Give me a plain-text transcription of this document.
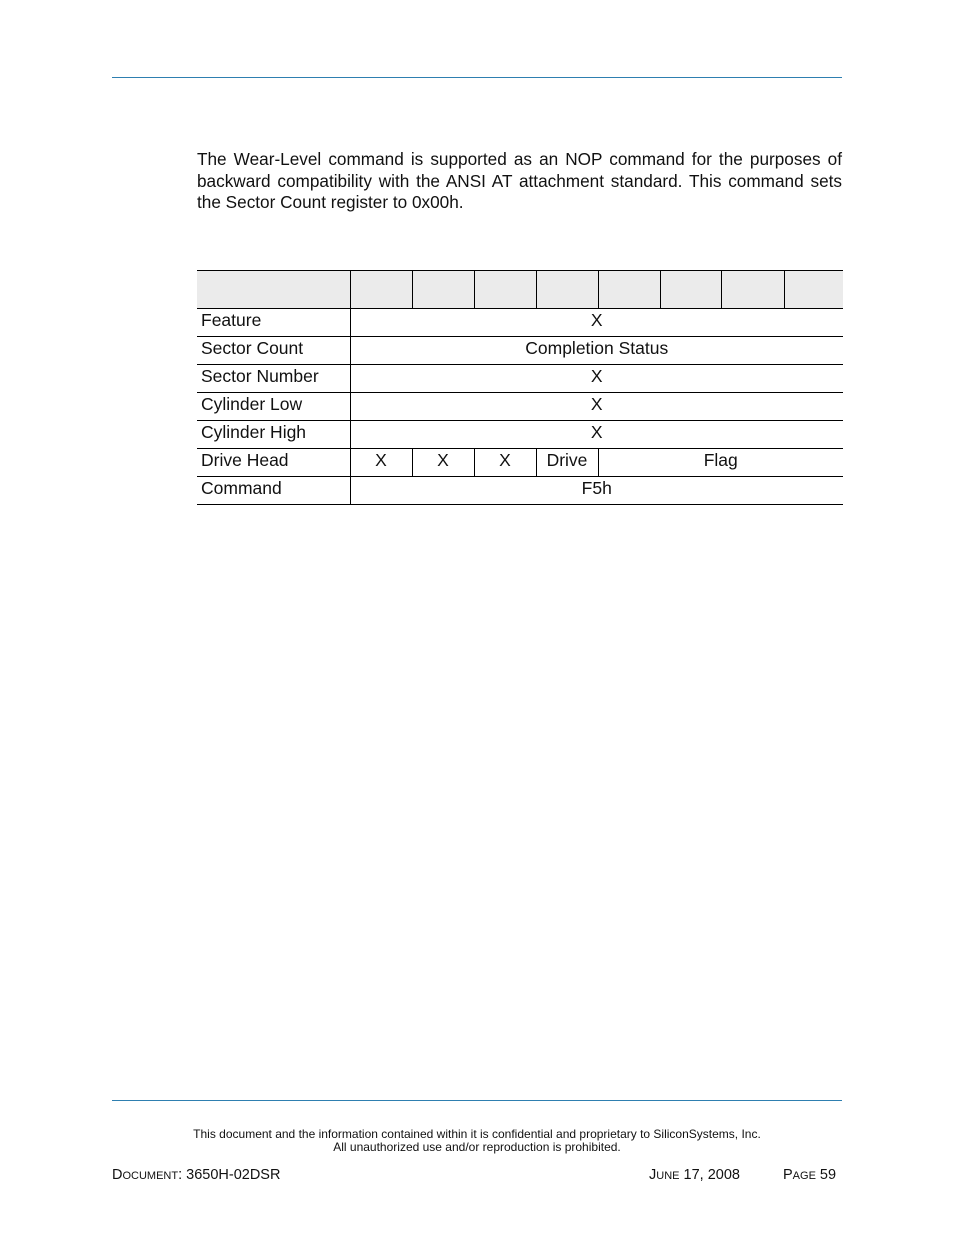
The Wear-Level command is supported as an NOP command for the purposes of backward compatibility with the ANSI AT attachment standard. This command sets the Sector Count register to 0x00h.

Feature	X							
Sector Count	Completion Status							
Sector Number	X							
Cylinder Low	X							
Cylinder High	X							
Drive Head	X	X	X	Drive	Flag			
Command	F5h							
This document and the information contained within it is confidential and proprietary to SiliconSystems, Inc.
All unauthorized use and/or reproduction is prohibited.
DOCUMENT: 3650H-02DSR	JUNE 17, 2008	PAGE 59
